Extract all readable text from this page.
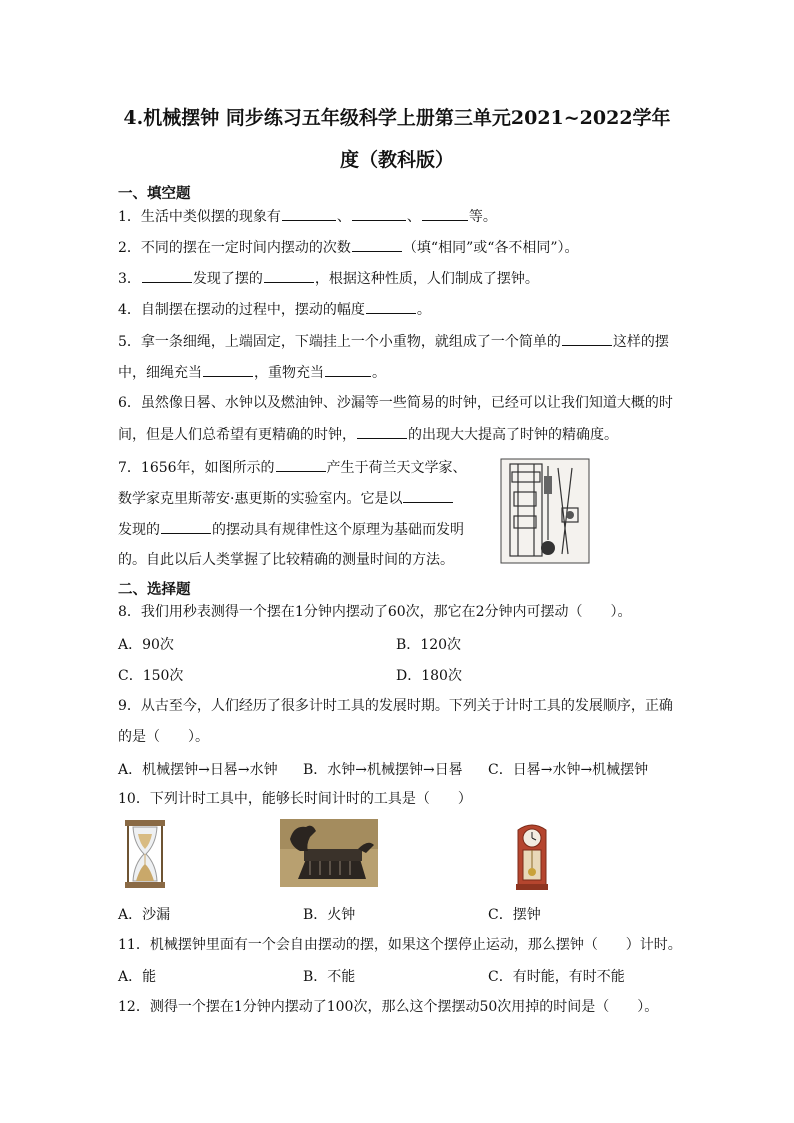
4.机械摆钟 同步练习五年级科学上册第三单元2021~2022学年
度（教科版）
一、填空题
1．生活中类似摆的现象有	、	、	等。
2．不同的摆在一定时间内摆动的次数	（填“相同”或“各不相同”）。
3．	发现了摆的	，根据这种性质，人们制成了摆钟。
4．自制摆在摆动的过程中，摆动的幅度	。
5．拿一条细绳，上端固定，下端挂上一个小重物，就组成了一个简单的	这样的摆
中，细绳充当	，重物充当	。
6．虽然像日晷、水钟以及燃油钟、沙漏等一些简易的时钟，已经可以让我们知道大概的时
间，但是人们总希望有更精确的时钟，	的出现大大提高了时钟的精确度。
7．1656年，如图所示的	产生于荷兰天文学家、
数学家克里斯蒂安·惠更斯的实验室内。它是以
发现的	的摆动具有规律性这个原理为基础而发明
的。自此以后人类掌握了比较精确的测量时间的方法。
二、选择题
8．我们用秒表测得一个摆在1分钟内摆动了60次，那它在2分钟内可摆动（　　）。
A．90次	B．120次
C．150次	D．180次
9．从古至今，人们经历了很多计时工具的发展时期。下列关于计时工具的发展顺序，正确
的是（　　）。
A．机械摆钟→日晷→水钟 B．水钟→机械摆钟→日晷 C．日晷→水钟→机械摆钟
10．下列计时工具中，能够长时间计时的工具是（　　）
A．沙漏	B．火钟	C．摆钟
11．机械摆钟里面有一个会自由摆动的摆，如果这个摆停止运动，那么摆钟（　　）计时。
A．能	B．不能	C．有时能，有时不能
12．测得一个摆在1分钟内摆动了100次，那么这个摆摆动50次用掉的时间是（　　）。
